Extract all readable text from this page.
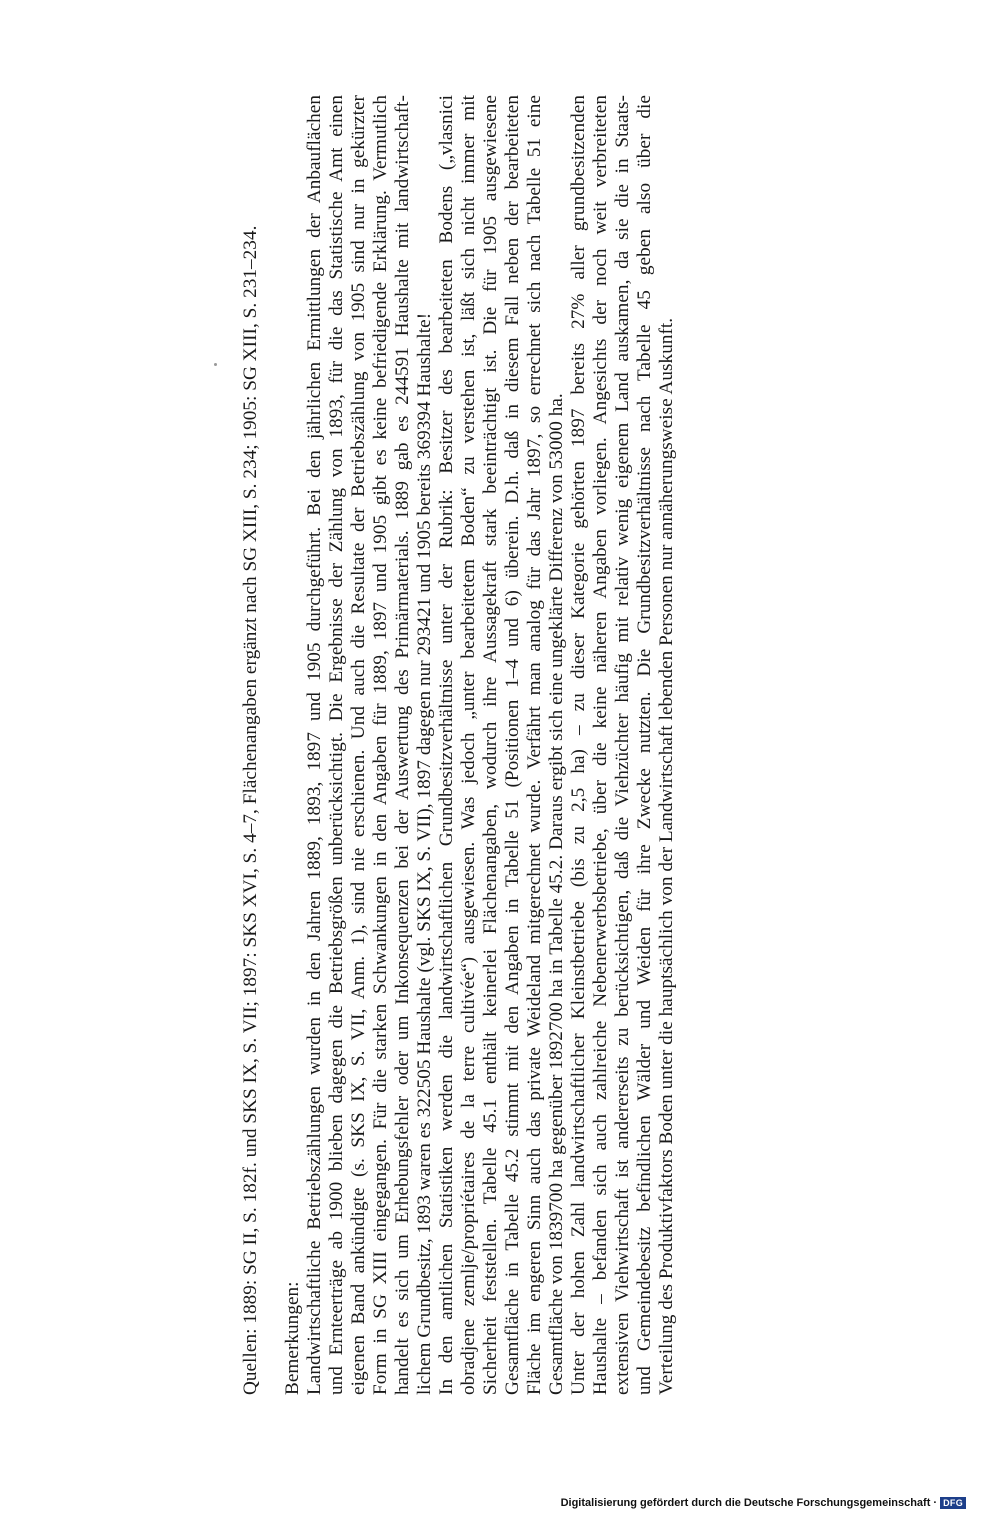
Quellen: 1889: SG II, S. 182f. und SKS IX, S. VII; 1897: SKS XVI, S. 4–7, Flächenangaben ergänzt nach SG XIII, S. 234; 1905: SG XIII, S. 231–234. Bemerkungen: Landwirtschaftliche Betriebszählungen wurden in den Jahren 1889, 1893, 1897 und 1905 durchgeführt. Bei den jährlichen Ermittlungen der Anbauflächen und Ernteerträge ab 1900 blieben dagegen die Betriebsgrößen unberücksichtigt. Die Ergebnisse der Zählung von 1893, für die das Statistische Amt einen eigenen Band ankündigte (s. SKS IX, S. VII, Anm. 1), sind nie erschienen. Und auch die Resultate der Betriebszählung von 1905 sind nur in gekürzter Form in SG XIII eingegangen. Für die starken Schwankungen in den Angaben für 1889, 1897 und 1905 gibt es keine befriedigende Erklärung. Vermutlich handelt es sich um Erhebungsfehler oder um Inkonsequenzen bei der Auswertung des Primärmaterials. 1889 gab es 244591 Haushalte mit landwirtschaft- lichem Grundbesitz, 1893 waren es 322505 Haushalte (vgl. SKS IX, S. VII), 1897 dagegen nur 293421 und 1905 bereits 369394 Haushalte! In den amtlichen Statistiken werden die landwirtschaftlichen Grundbesitzverhältnisse unter der Rubrik: Besitzer des bearbeiteten Bodens („vlasnici obradjene zemlje/propriétaires de la terre cultivée“) ausgewiesen. Was jedoch „unter bearbeitetem Boden“ zu verstehen ist, läßt sich nicht immer mit Sicherheit feststellen. Tabelle 45.1 enthält keinerlei Flächenangaben, wodurch ihre Aussagekraft stark beeinträchtigt ist. Die für 1905 ausgewiesene Gesamtfläche in Tabelle 45.2 stimmt mit den Angaben in Tabelle 51 (Positionen 1–4 und 6) überein. D.h. daß in diesem Fall neben der bearbeiteten Fläche im engeren Sinn auch das private Weideland mitgerechnet wurde. Verfährt man analog für das Jahr 1897, so errechnet sich nach Tabelle 51 eine Gesamtfläche von 1839700 ha gegenüber 1892700 ha in Tabelle 45.2. Daraus ergibt sich eine ungeklärte Differenz von 53000 ha. Unter der hohen Zahl landwirtschaftlicher Kleinstbetriebe (bis zu 2,5 ha) – zu dieser Kategorie gehörten 1897 bereits 27% aller grundbesitzenden Haushalte – befanden sich auch zahlreiche Nebenerwerbsbetriebe, über die keine näheren Angaben vorliegen. Angesichts der noch weit verbreiteten extensiven Viehwirtschaft ist andererseits zu berücksichtigen, daß die Viehzüchter häufig mit relativ wenig eigenem Land auskamen, da sie die in Staats- und Gemeindebesitz befindlichen Wälder und Weiden für ihre Zwecke nutzten. Die Grundbesitzverhältnisse nach Tabelle 45 geben also über die Verteilung des Produktivfaktors Boden unter die hauptsächlich von der Landwirtschaft lebenden Personen nur annäherungsweise Auskunft.
Digitalisierung gefördert durch die Deutsche Forschungsgemeinschaft · DFG
